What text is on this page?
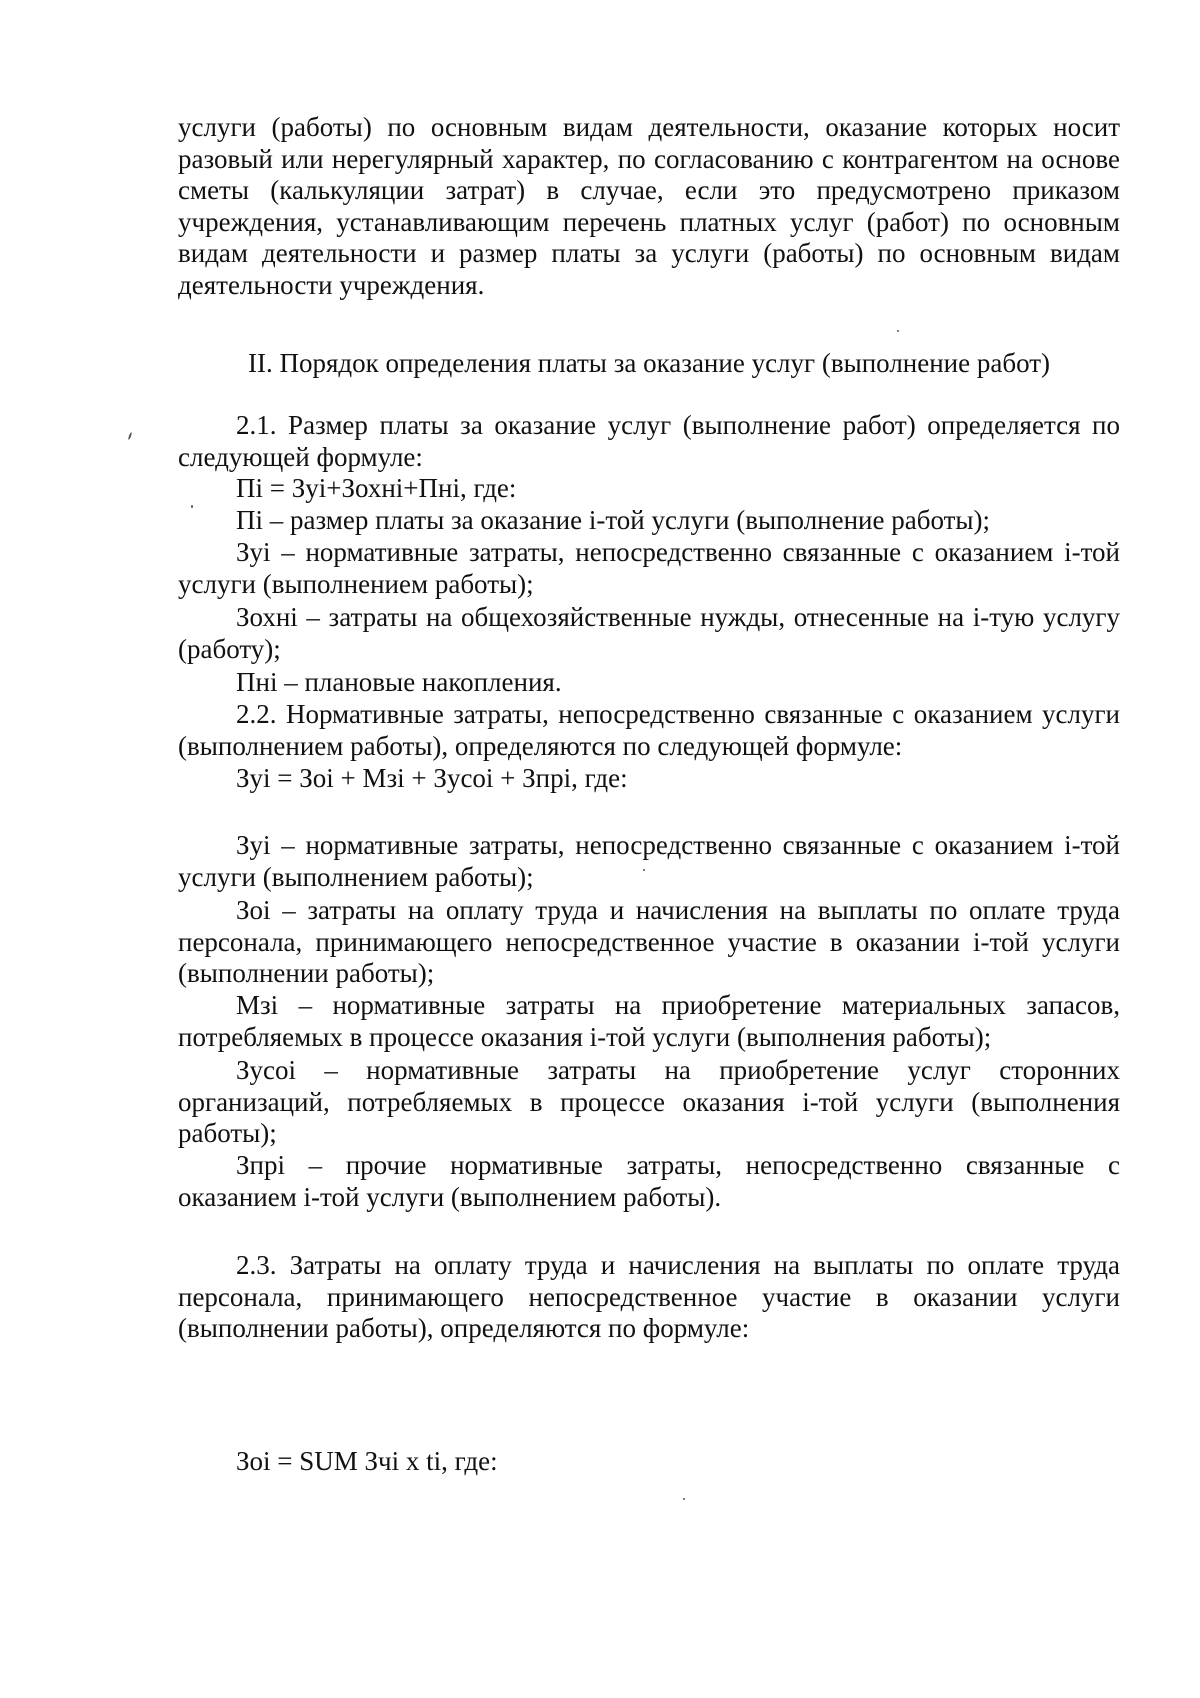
услуги (работы) по основным видам деятельности, оказание которых носит разовый или нерегулярный характер, по согласованию с контрагентом на основе сметы (калькуляции затрат) в случае, если это предусмотрено приказом учреждения, устанавливающим перечень платных услуг (работ) по основным видам деятельности и размер платы за услуги (работы) по основным видам деятельности учреждения.

II. Порядок определения платы за оказание услуг (выполнение работ)

2.1. Размер платы за оказание услуг (выполнение работ) определяется по следующей формуле:

Пi = Зуi+Зохнi+Пнi, где:

Пi – размер платы за оказание i-той услуги (выполнение работы);

Зуi – нормативные затраты, непосредственно связанные с оказанием i-той услуги (выполнением работы);

Зохнi – затраты на общехозяйственные нужды, отнесенные на i-тую услугу (работу);

Пнi – плановые накопления.

2.2. Нормативные затраты, непосредственно связанные с оказанием услуги (выполнением работы), определяются по следующей формуле:

Зуi = Зоi + Мзi + Зусоi + Зпрi, где:

Зуi – нормативные затраты, непосредственно связанные с оказанием i-той услуги (выполнением работы);

Зоi – затраты на оплату труда и начисления на выплаты по оплате труда персонала, принимающего непосредственное участие в оказании i-той услуги (выполнении работы);

Мзi – нормативные затраты на приобретение материальных запасов, потребляемых в процессе оказания i-той услуги (выполнения работы);

Зусоi – нормативные затраты на приобретение услуг сторонних организаций, потребляемых в процессе оказания i-той услуги (выполнения работы);

Зпрi – прочие нормативные затраты, непосредственно связанные с оказанием i-той услуги (выполнением работы).

2.3. Затраты на оплату труда и начисления на выплаты по оплате труда персонала, принимающего непосредственное участие в оказании услуги (выполнении работы), определяются по формуле:

Зоi = SUM Зчi x ti, где:
